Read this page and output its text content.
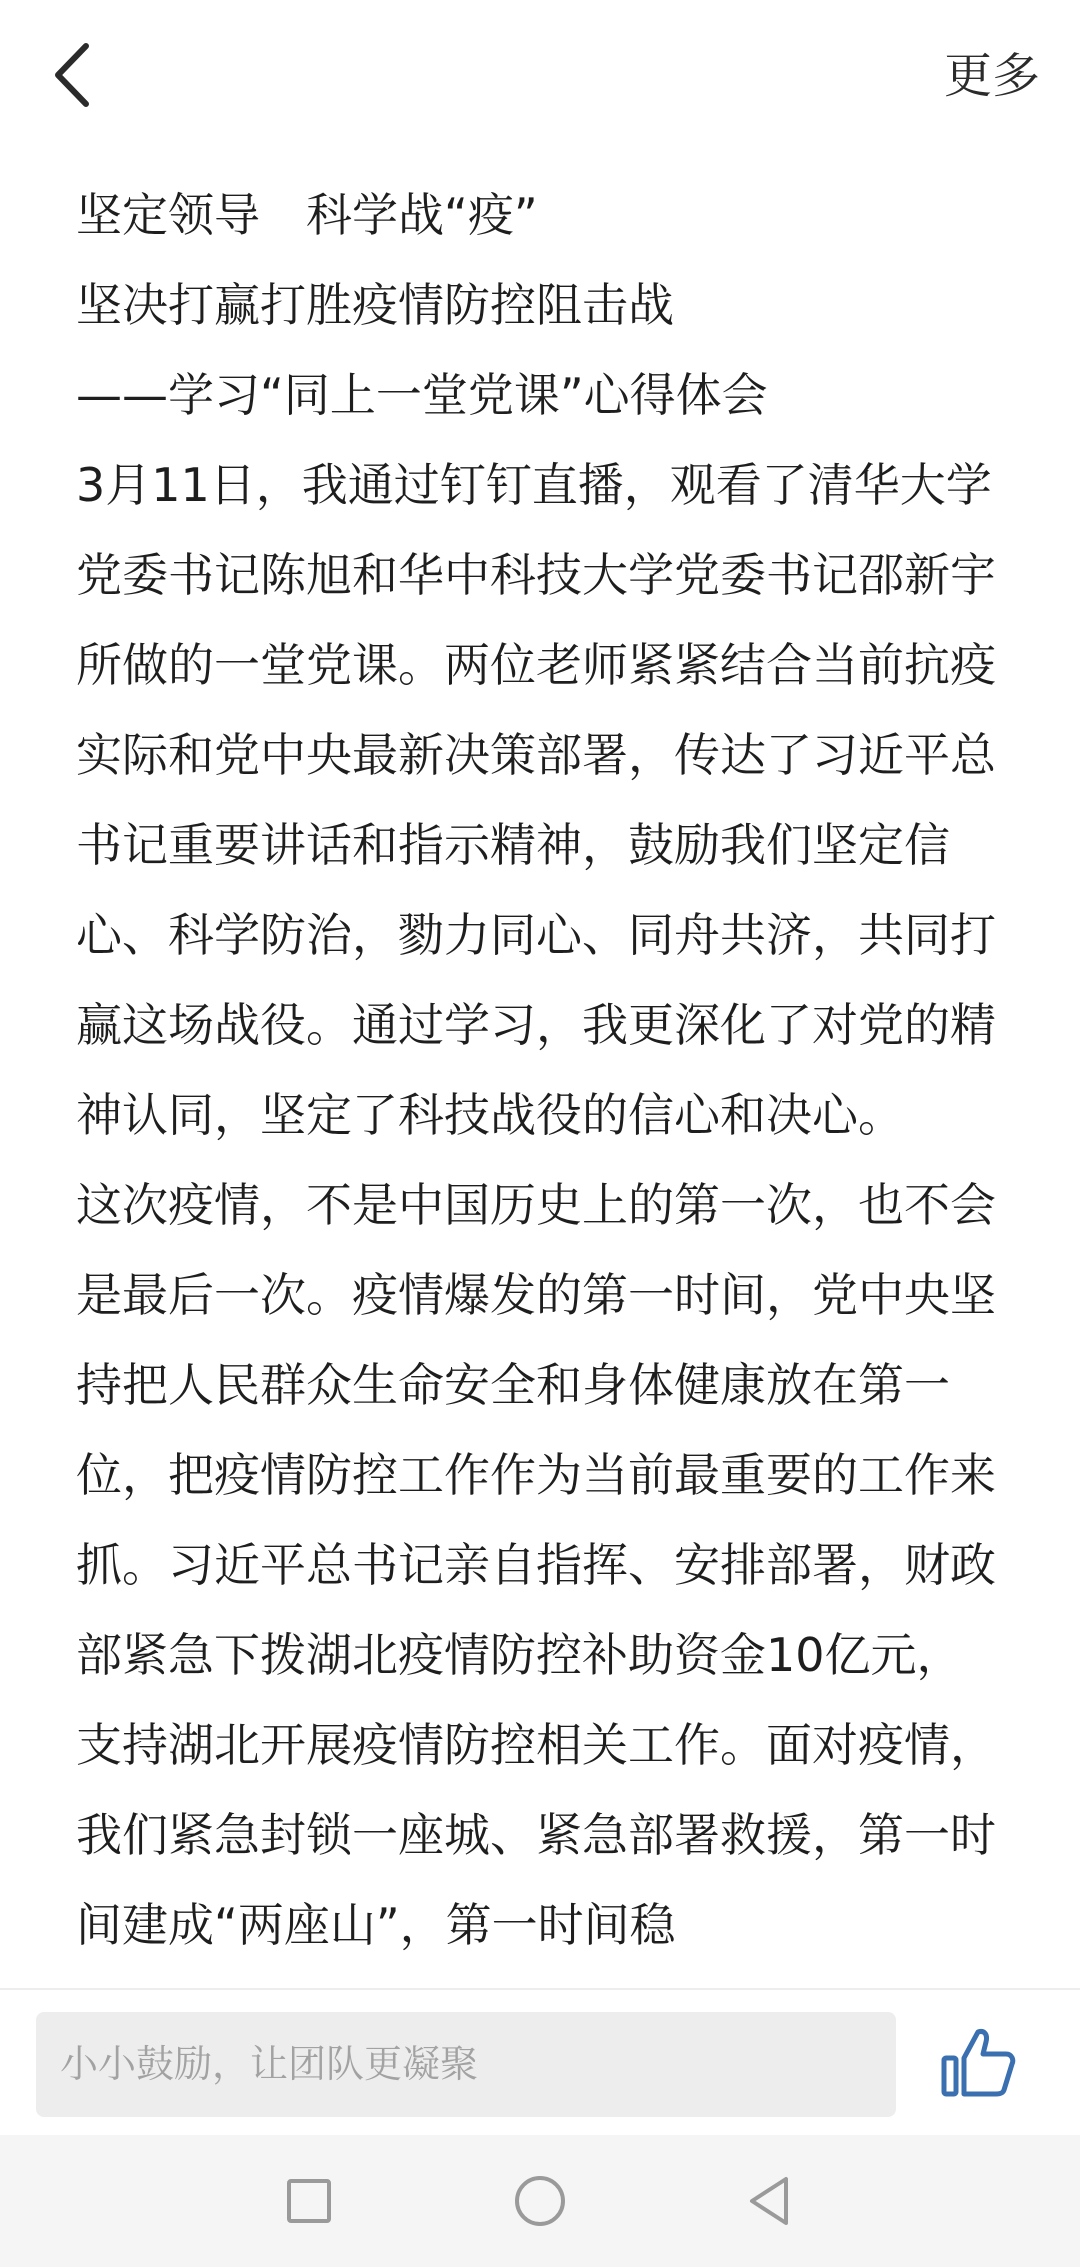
更多

坚定领导　科学战“疫”

坚决打赢打胜疫情防控阻击战

——学习“同上一堂党课”心得体会

3月11日，我通过钉钉直播，观看了清华大学党委书记陈旭和华中科技大学党委书记邵新宇所做的一堂党课。两位老师紧紧结合当前抗疫实际和党中央最新决策部署，传达了习近平总书记重要讲话和指示精神，鼓励我们坚定信心、科学防治，勠力同心、同舟共济，共同打赢这场战役。通过学习，我更深化了对党的精神认同，坚定了科技战役的信心和决心。

这次疫情，不是中国历史上的第一次，也不会是最后一次。疫情爆发的第一时间，党中央坚持把人民群众生命安全和身体健康放在第一位，把疫情防控工作作为当前最重要的工作来抓。习近平总书记亲自指挥、安排部署，财政部紧急下拨湖北疫情防控补助资金10亿元，支持湖北开展疫情防控相关工作。面对疫情，我们紧急封锁一座城、紧急部署救援，第一时间建成“两座山”，第一时间稳

小小鼓励，让团队更凝聚
